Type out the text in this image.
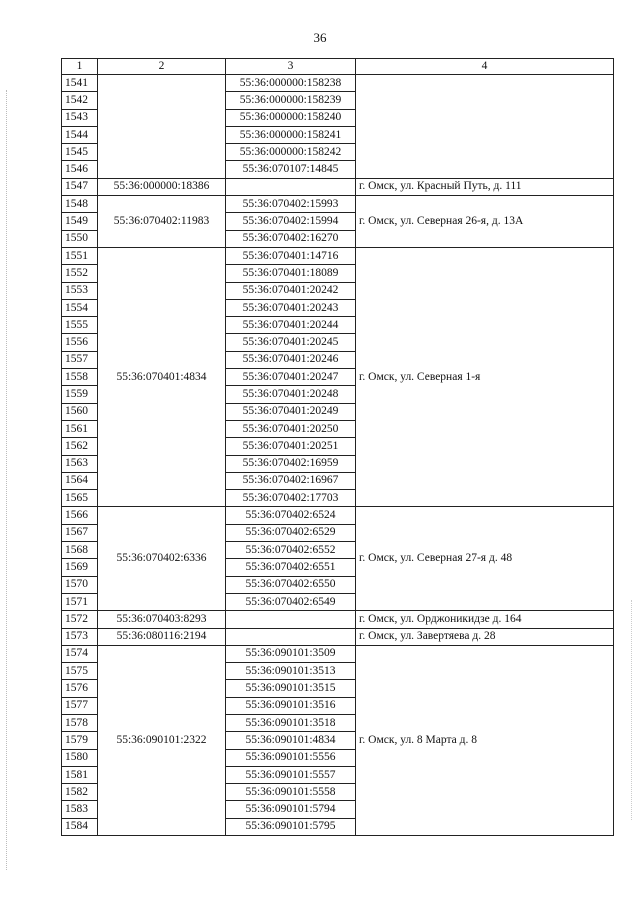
36
1	2	3	4
1541		55:36:000000:158238	
1542		55:36:000000:158239	
1543		55:36:000000:158240	
1544		55:36:000000:158241	
1545		55:36:000000:158242	
1546		55:36:070107:14845	
1547	55:36:000000:18386		г. Омск, ул. Красный Путь, д. 111
1548	55:36:070402:11983	55:36:070402:15993	г. Омск, ул. Северная 26-я, д. 13А
1549		55:36:070402:15994	
1550		55:36:070402:16270	
1551	55:36:070401:4834	55:36:070401:14716	г. Омск, ул. Северная 1-я
1552		55:36:070401:18089	
1553		55:36:070401:20242	
1554		55:36:070401:20243	
1555		55:36:070401:20244	
1556		55:36:070401:20245	
1557		55:36:070401:20246	
1558		55:36:070401:20247	
1559		55:36:070401:20248	
1560		55:36:070401:20249	
1561		55:36:070401:20250	
1562		55:36:070401:20251	
1563		55:36:070402:16959	
1564		55:36:070402:16967	
1565		55:36:070402:17703	
1566	55:36:070402:6336	55:36:070402:6524	г. Омск, ул. Северная 27-я д. 48
1567		55:36:070402:6529	
1568		55:36:070402:6552	
1569		55:36:070402:6551	
1570		55:36:070402:6550	
1571		55:36:070402:6549	
1572	55:36:070403:8293		г. Омск, ул. Орджоникидзе д. 164
1573	55:36:080116:2194		г. Омск, ул. Завертяева д. 28
1574	55:36:090101:2322	55:36:090101:3509	г. Омск, ул. 8 Марта д. 8
1575		55:36:090101:3513	
1576		55:36:090101:3515	
1577		55:36:090101:3516	
1578		55:36:090101:3518	
1579		55:36:090101:4834	
1580		55:36:090101:5556	
1581		55:36:090101:5557	
1582		55:36:090101:5558	
1583		55:36:090101:5794	
1584		55:36:090101:5795	
